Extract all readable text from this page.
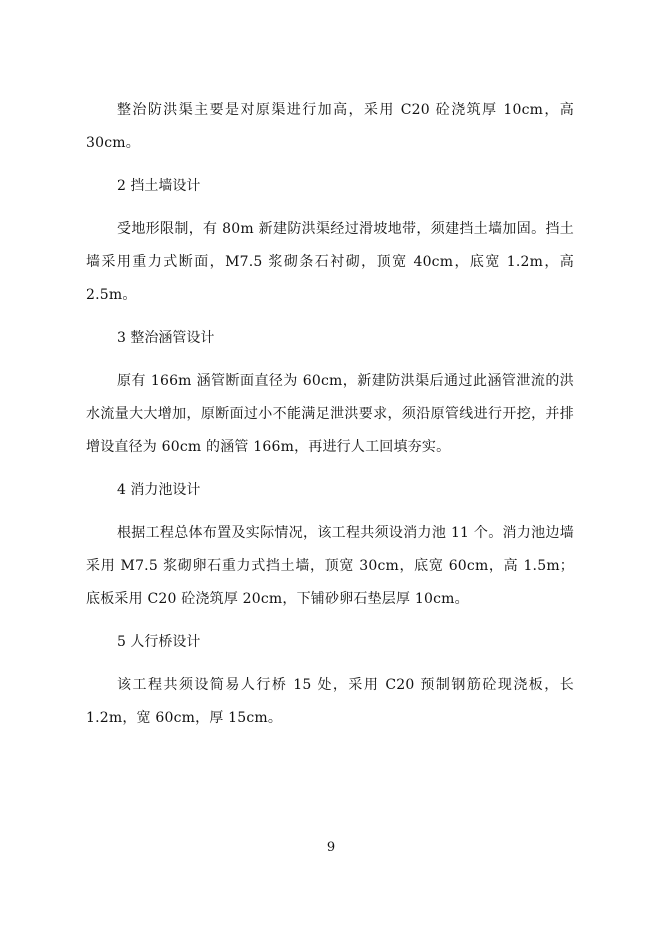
整治防洪渠主要是对原渠进行加高，采用 C20 砼浇筑厚 10cm，高 30cm。

2 挡土墙设计

受地形限制，有 80m 新建防洪渠经过滑坡地带，须建挡土墙加固。挡土墙采用重力式断面，M7.5 浆砌条石衬砌，顶宽 40cm，底宽 1.2m，高 2.5m。

3 整治涵管设计

原有 166m 涵管断面直径为 60cm，新建防洪渠后通过此涵管泄流的洪水流量大大增加，原断面过小不能满足泄洪要求，须沿原管线进行开挖，并排增设直径为 60cm 的涵管 166m，再进行人工回填夯实。

4 消力池设计

根据工程总体布置及实际情况，该工程共须设消力池 11 个。消力池边墙采用 M7.5 浆砌卵石重力式挡土墙，顶宽 30cm，底宽 60cm，高 1.5m；底板采用 C20 砼浇筑厚 20cm，下铺砂卵石垫层厚 10cm。

5 人行桥设计

该工程共须设简易人行桥 15 处，采用 C20 预制钢筋砼现浇板，长 1.2m，宽 60cm，厚 15cm。

9
